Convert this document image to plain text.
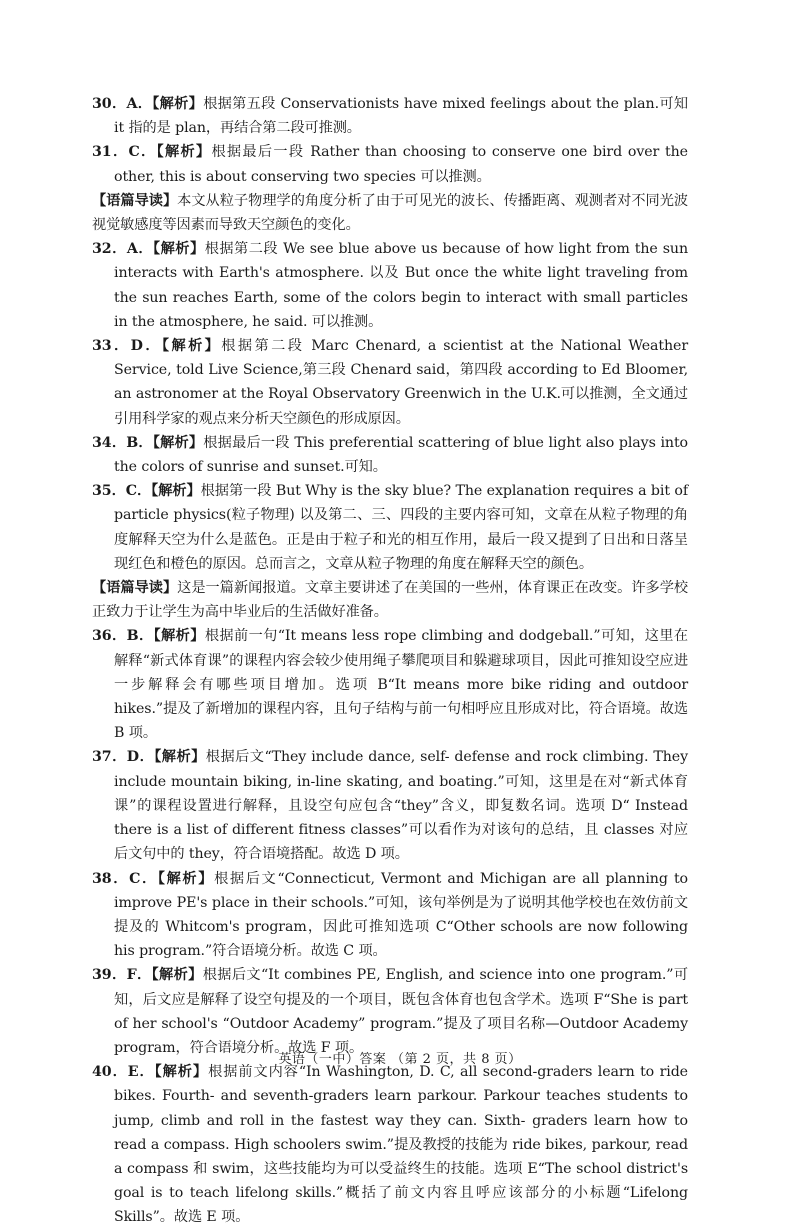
30．A．【解析】根据第五段 Conservationists have mixed feelings about the plan.可知 it 指的是 plan，再结合第二段可推测。

31．C．【解析】根据最后一段 Rather than choosing to conserve one bird over the other, this is about conserving two species 可以推测。

【语篇导读】本文从粒子物理学的角度分析了由于可见光的波长、传播距离、观测者对不同光波视觉敏感度等因素而导致天空颜色的变化。

32．A．【解析】根据第二段 We see blue above us because of how light from the sun interacts with Earth's atmosphere. 以及 But once the white light traveling from the sun reaches Earth, some of the colors begin to interact with small particles in the atmosphere, he said. 可以推测。

33．D．【解析】根据第二段 Marc Chenard, a scientist at the National Weather Service, told Live Science,第三段 Chenard said，第四段 according to Ed Bloomer, an astronomer at the Royal Observatory Greenwich in the U.K.可以推测，全文通过引用科学家的观点来分析天空颜色的形成原因。

34．B．【解析】根据最后一段 This preferential scattering of blue light also plays into the colors of sunrise and sunset.可知。

35．C．【解析】根据第一段 But Why is the sky blue? The explanation requires a bit of particle physics(粒子物理) 以及第二、三、四段的主要内容可知，文章在从粒子物理的角度解释天空为什么是蓝色。正是由于粒子和光的相互作用，最后一段又提到了日出和日落呈现红色和橙色的原因。总而言之，文章从粒子物理的角度在解释天空的颜色。

【语篇导读】这是一篇新闻报道。文章主要讲述了在美国的一些州，体育课正在改变。许多学校正致力于让学生为高中毕业后的生活做好准备。

36．B．【解析】根据前一句“It means less rope climbing and dodgeball.”可知，这里在解释“新式体育课”的课程内容会较少使用绳子攀爬项目和躲避球项目，因此可推知设空应进一步解释会有哪些项目增加。选项 B“It means more bike riding and outdoor hikes.”提及了新增加的课程内容，且句子结构与前一句相呼应且形成对比，符合语境。故选 B 项。

37．D．【解析】根据后文“They include dance, self- defense and rock climbing. They include mountain biking, in-line skating, and boating.”可知，这里是在对“新式体育课”的课程设置进行解释，且设空句应包含“they”含义，即复数名词。选项 D“ Instead there is a list of different fitness classes”可以看作为对该句的总结，且 classes 对应后文句中的 they，符合语境搭配。故选 D 项。

38．C．【解析】根据后文“Connecticut, Vermont and Michigan are all planning to improve PE's place in their schools.”可知，该句举例是为了说明其他学校也在效仿前文提及的 Whitcom's program，因此可推知选项 C“Other schools are now following his program.”符合语境分析。故选 C 项。

39．F．【解析】根据后文“It combines PE, English, and science into one program.”可知，后文应是解释了设空句提及的一个项目，既包含体育也包含学术。选项 F“She is part of her school's “Outdoor Academy” program.”提及了项目名称—Outdoor Academy program，符合语境分析。故选 F 项。

40．E．【解析】根据前文内容“In Washington, D. C, all second-graders learn to ride bikes. Fourth- and seventh-graders learn parkour. Parkour teaches students to jump, climb and roll in the fastest way they can. Sixth- graders learn how to read a compass. High schoolers swim.”提及教授的技能为 ride bikes, parkour, read a compass 和 swim，这些技能均为可以受益终生的技能。选项 E“The school district's goal is to teach lifelong skills.”概括了前文内容且呼应该部分的小标题“Lifelong Skills”。故选 E 项。

英语（一中）答案 （第 2 页，共 8 页）
